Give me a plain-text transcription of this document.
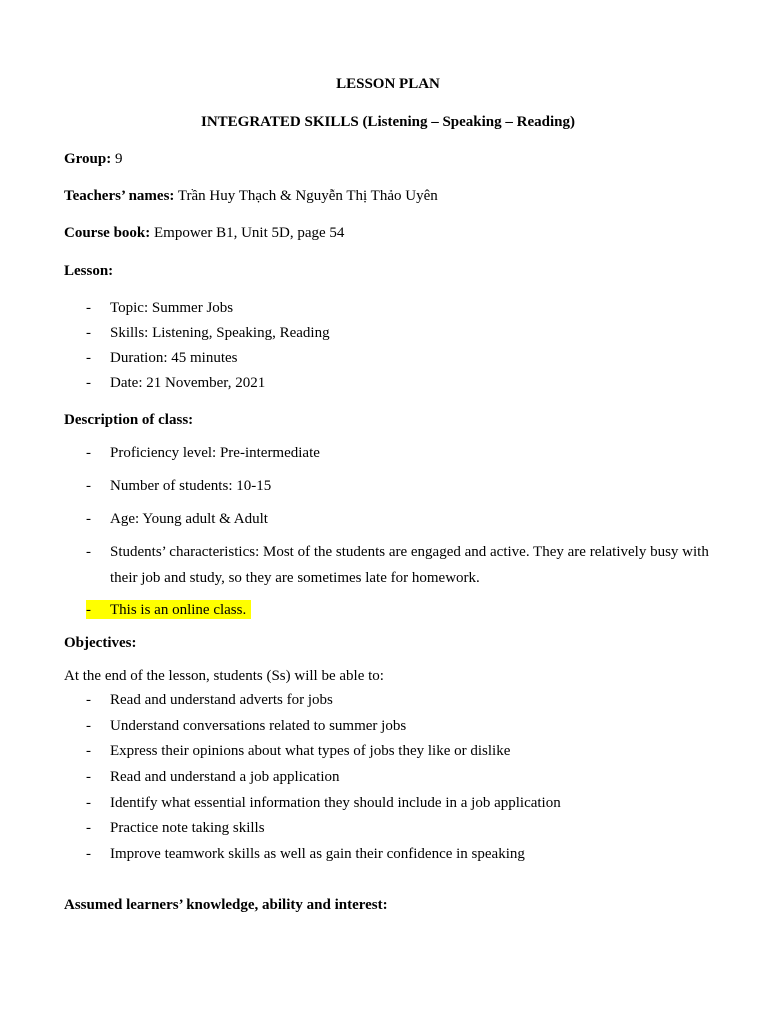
LESSON PLAN
INTEGRATED SKILLS (Listening – Speaking – Reading)
Group: 9
Teachers’ names: Trần Huy Thạch & Nguyễn Thị Thảo Uyên
Course book: Empower B1, Unit 5D, page 54
Lesson:
- Topic: Summer Jobs
- Skills: Listening, Speaking, Reading
- Duration: 45 minutes
- Date: 21 November, 2021
Description of class:
- Proficiency level: Pre-intermediate
- Number of students: 10-15
- Age: Young adult & Adult
- Students’ characteristics: Most of the students are engaged and active. They are relatively busy with their job and study, so they are sometimes late for homework.
- This is an online class.
Objectives:
At the end of the lesson, students (Ss) will be able to:
- Read and understand adverts for jobs
- Understand conversations related to summer jobs
- Express their opinions about what types of jobs they like or dislike
- Read and understand a job application
- Identify what essential information they should include in a job application
- Practice note taking skills
- Improve teamwork skills as well as gain their confidence in speaking
Assumed learners’ knowledge, ability and interest:
